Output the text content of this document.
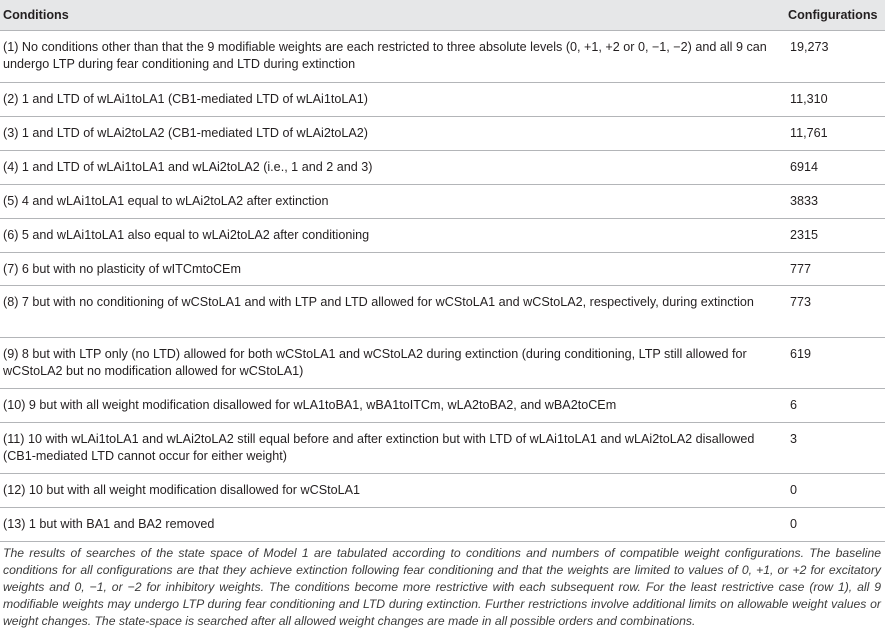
Conditions	Configurations

(1) No conditions other than that the 9 modifiable weights are each restricted to three absolute levels (0, +1, +2 or 0, −1, −2) and all 9 can undergo LTP during fear conditioning and LTD during extinction	19,273

(2) 1 and LTD of wLAi1toLA1 (CB1-mediated LTD of wLAi1toLA1)	11,310

(3) 1 and LTD of wLAi2toLA2 (CB1-mediated LTD of wLAi2toLA2)	11,761

(4) 1 and LTD of wLAi1toLA1 and wLAi2toLA2 (i.e., 1 and 2 and 3)	6914

(5) 4 and wLAi1toLA1 equal to wLAi2toLA2 after extinction	3833

(6) 5 and wLAi1toLA1 also equal to wLAi2toLA2 after conditioning	2315

(7) 6 but with no plasticity of wITCmtoCEm	777

(8) 7 but with no conditioning of wCStoLA1 and with LTP and LTD allowed for wCStoLA1 and wCStoLA2, respectively, during extinction	773

(9) 8 but with LTP only (no LTD) allowed for both wCStoLA1 and wCStoLA2 during extinction (during conditioning, LTP still allowed for wCStoLA2 but no modification allowed for wCStoLA1)	619

(10) 9 but with all weight modification disallowed for wLA1toBA1, wBA1toITCm, wLA2toBA2, and wBA2toCEm	6

(11) 10 with wLAi1toLA1 and wLAi2toLA2 still equal before and after extinction but with LTD of wLAi1toLA1 and wLAi2toLA2 disallowed (CB1-mediated LTD cannot occur for either weight)	3

(12) 10 but with all weight modification disallowed for wCStoLA1	0

(13) 1 but with BA1 and BA2 removed	0

The results of searches of the state space of Model 1 are tabulated according to conditions and numbers of compatible weight configurations. The baseline conditions for all configurations are that they achieve extinction following fear conditioning and that the weights are limited to values of 0, +1, or +2 for excitatory weights and 0, −1, or −2 for inhibitory weights. The conditions become more restrictive with each subsequent row. For the least restrictive case (row 1), all 9 modifiable weights may undergo LTP during fear conditioning and LTD during extinction. Further restrictions involve additional limits on allowable weight values or weight changes. The state-space is searched after all allowed weight changes are made in all possible orders and combinations.
